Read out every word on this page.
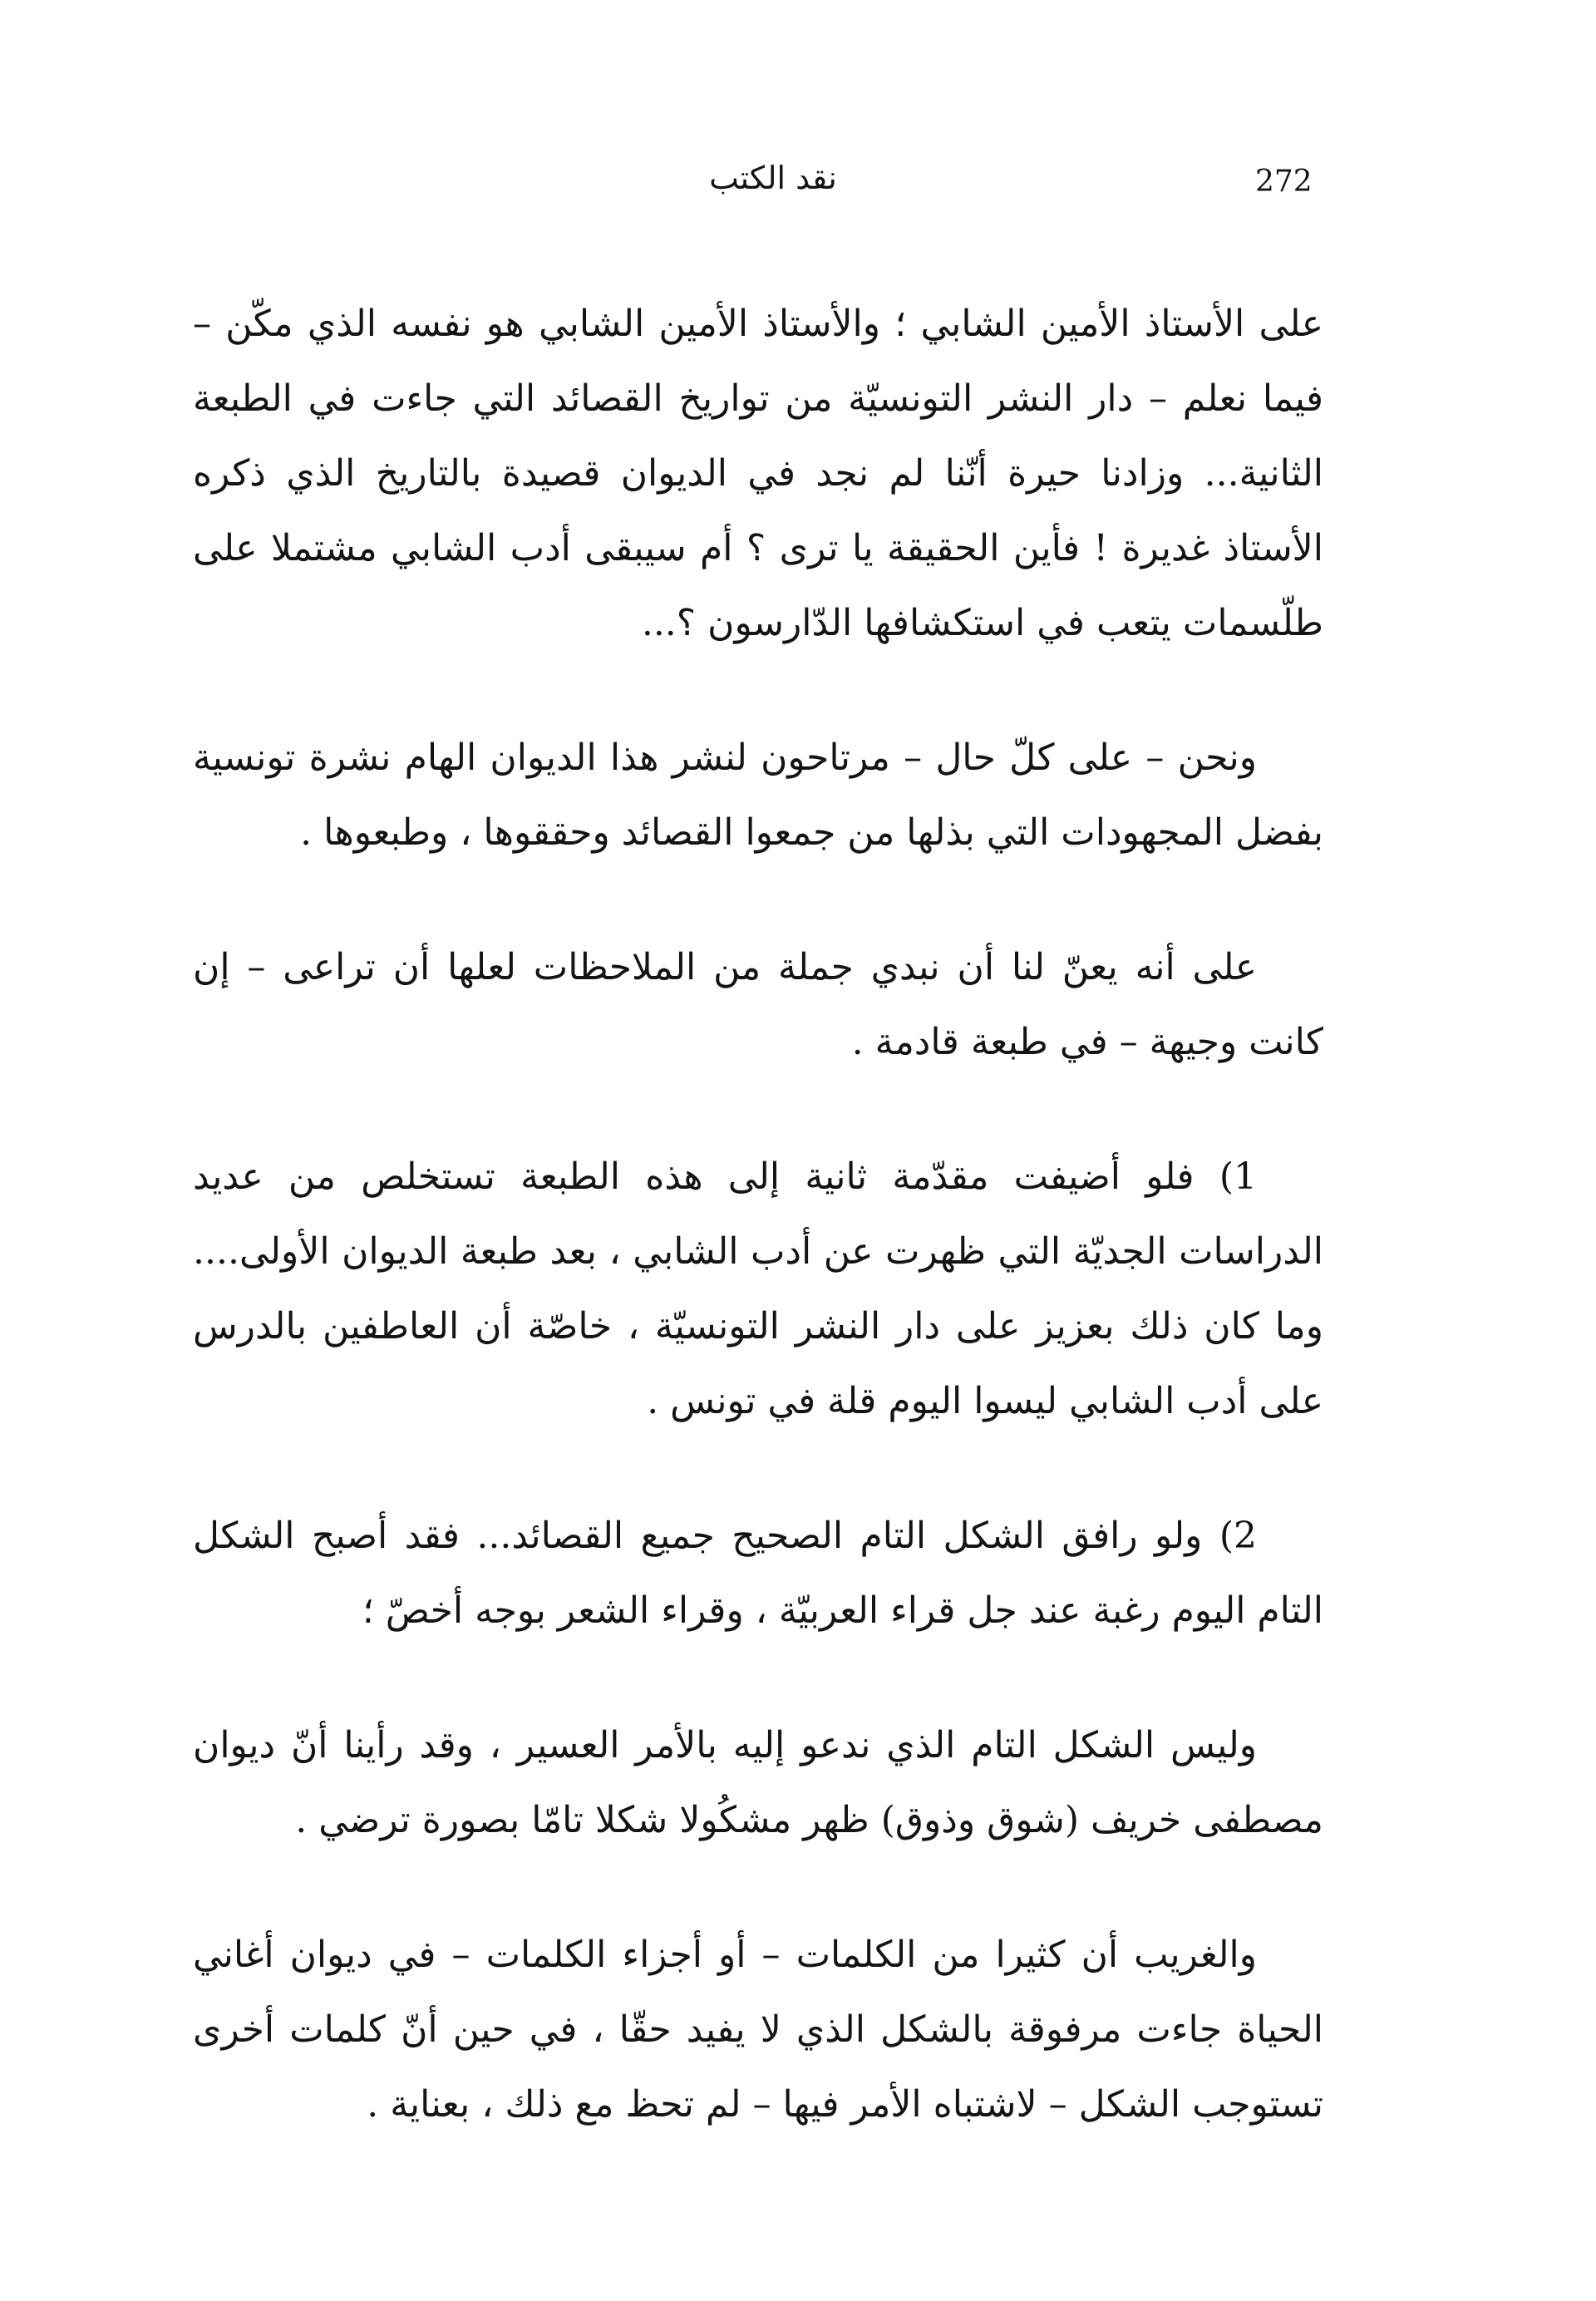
272
نقد الكتب

على الأستاذ الأمين الشابي ؛ والأستاذ الأمين الشابي هو نفسه الذي مكّن – فيما نعلم – دار النشر التونسيّة من تواريخ القصائد التي جاءت في الطبعة الثانية... وزادنا حيرة أنّنا لم نجد في الديوان قصيدة بالتاريخ الذي ذكره الأستاذ غديرة ! فأين الحقيقة يا ترى ؟ أم سيبقى أدب الشابي مشتملا على طلّسمات يتعب في استكشافها الدّارسون ؟...

ونحن – على كلّ حال – مرتاحون لنشر هذا الديوان الهام نشرة تونسية بفضل المجهودات التي بذلها من جمعوا القصائد وحققوها ، وطبعوها .

على أنه يعنّ لنا أن نبدي جملة من الملاحظات لعلها أن تراعى – إن كانت وجيهة – في طبعة قادمة .

1) فلو أضيفت مقدّمة ثانية إلى هذه الطبعة تستخلص من عديد الدراسات الجديّة التي ظهرت عن أدب الشابي ، بعد طبعة الديوان الأولى.... وما كان ذلك بعزيز على دار النشر التونسيّة ، خاصّة أن العاطفين بالدرس على أدب الشابي ليسوا اليوم قلة في تونس .

2) ولو رافق الشكل التام الصحيح جميع القصائد... فقد أصبح الشكل التام اليوم رغبة عند جل قراء العربيّة ، وقراء الشعر بوجه أخصّ ؛

وليس الشكل التام الذي ندعو إليه بالأمر العسير ، وقد رأينا أنّ ديوان مصطفى خريف (شوق وذوق) ظهر مشكُولا شكلا تامّا بصورة ترضي .

والغريب أن كثيرا من الكلمات – أو أجزاء الكلمات – في ديوان أغاني الحياة جاءت مرفوقة بالشكل الذي لا يفيد حقّا ، في حين أنّ كلمات أخرى تستوجب الشكل – لاشتباه الأمر فيها – لم تحظ مع ذلك ، بعناية .
